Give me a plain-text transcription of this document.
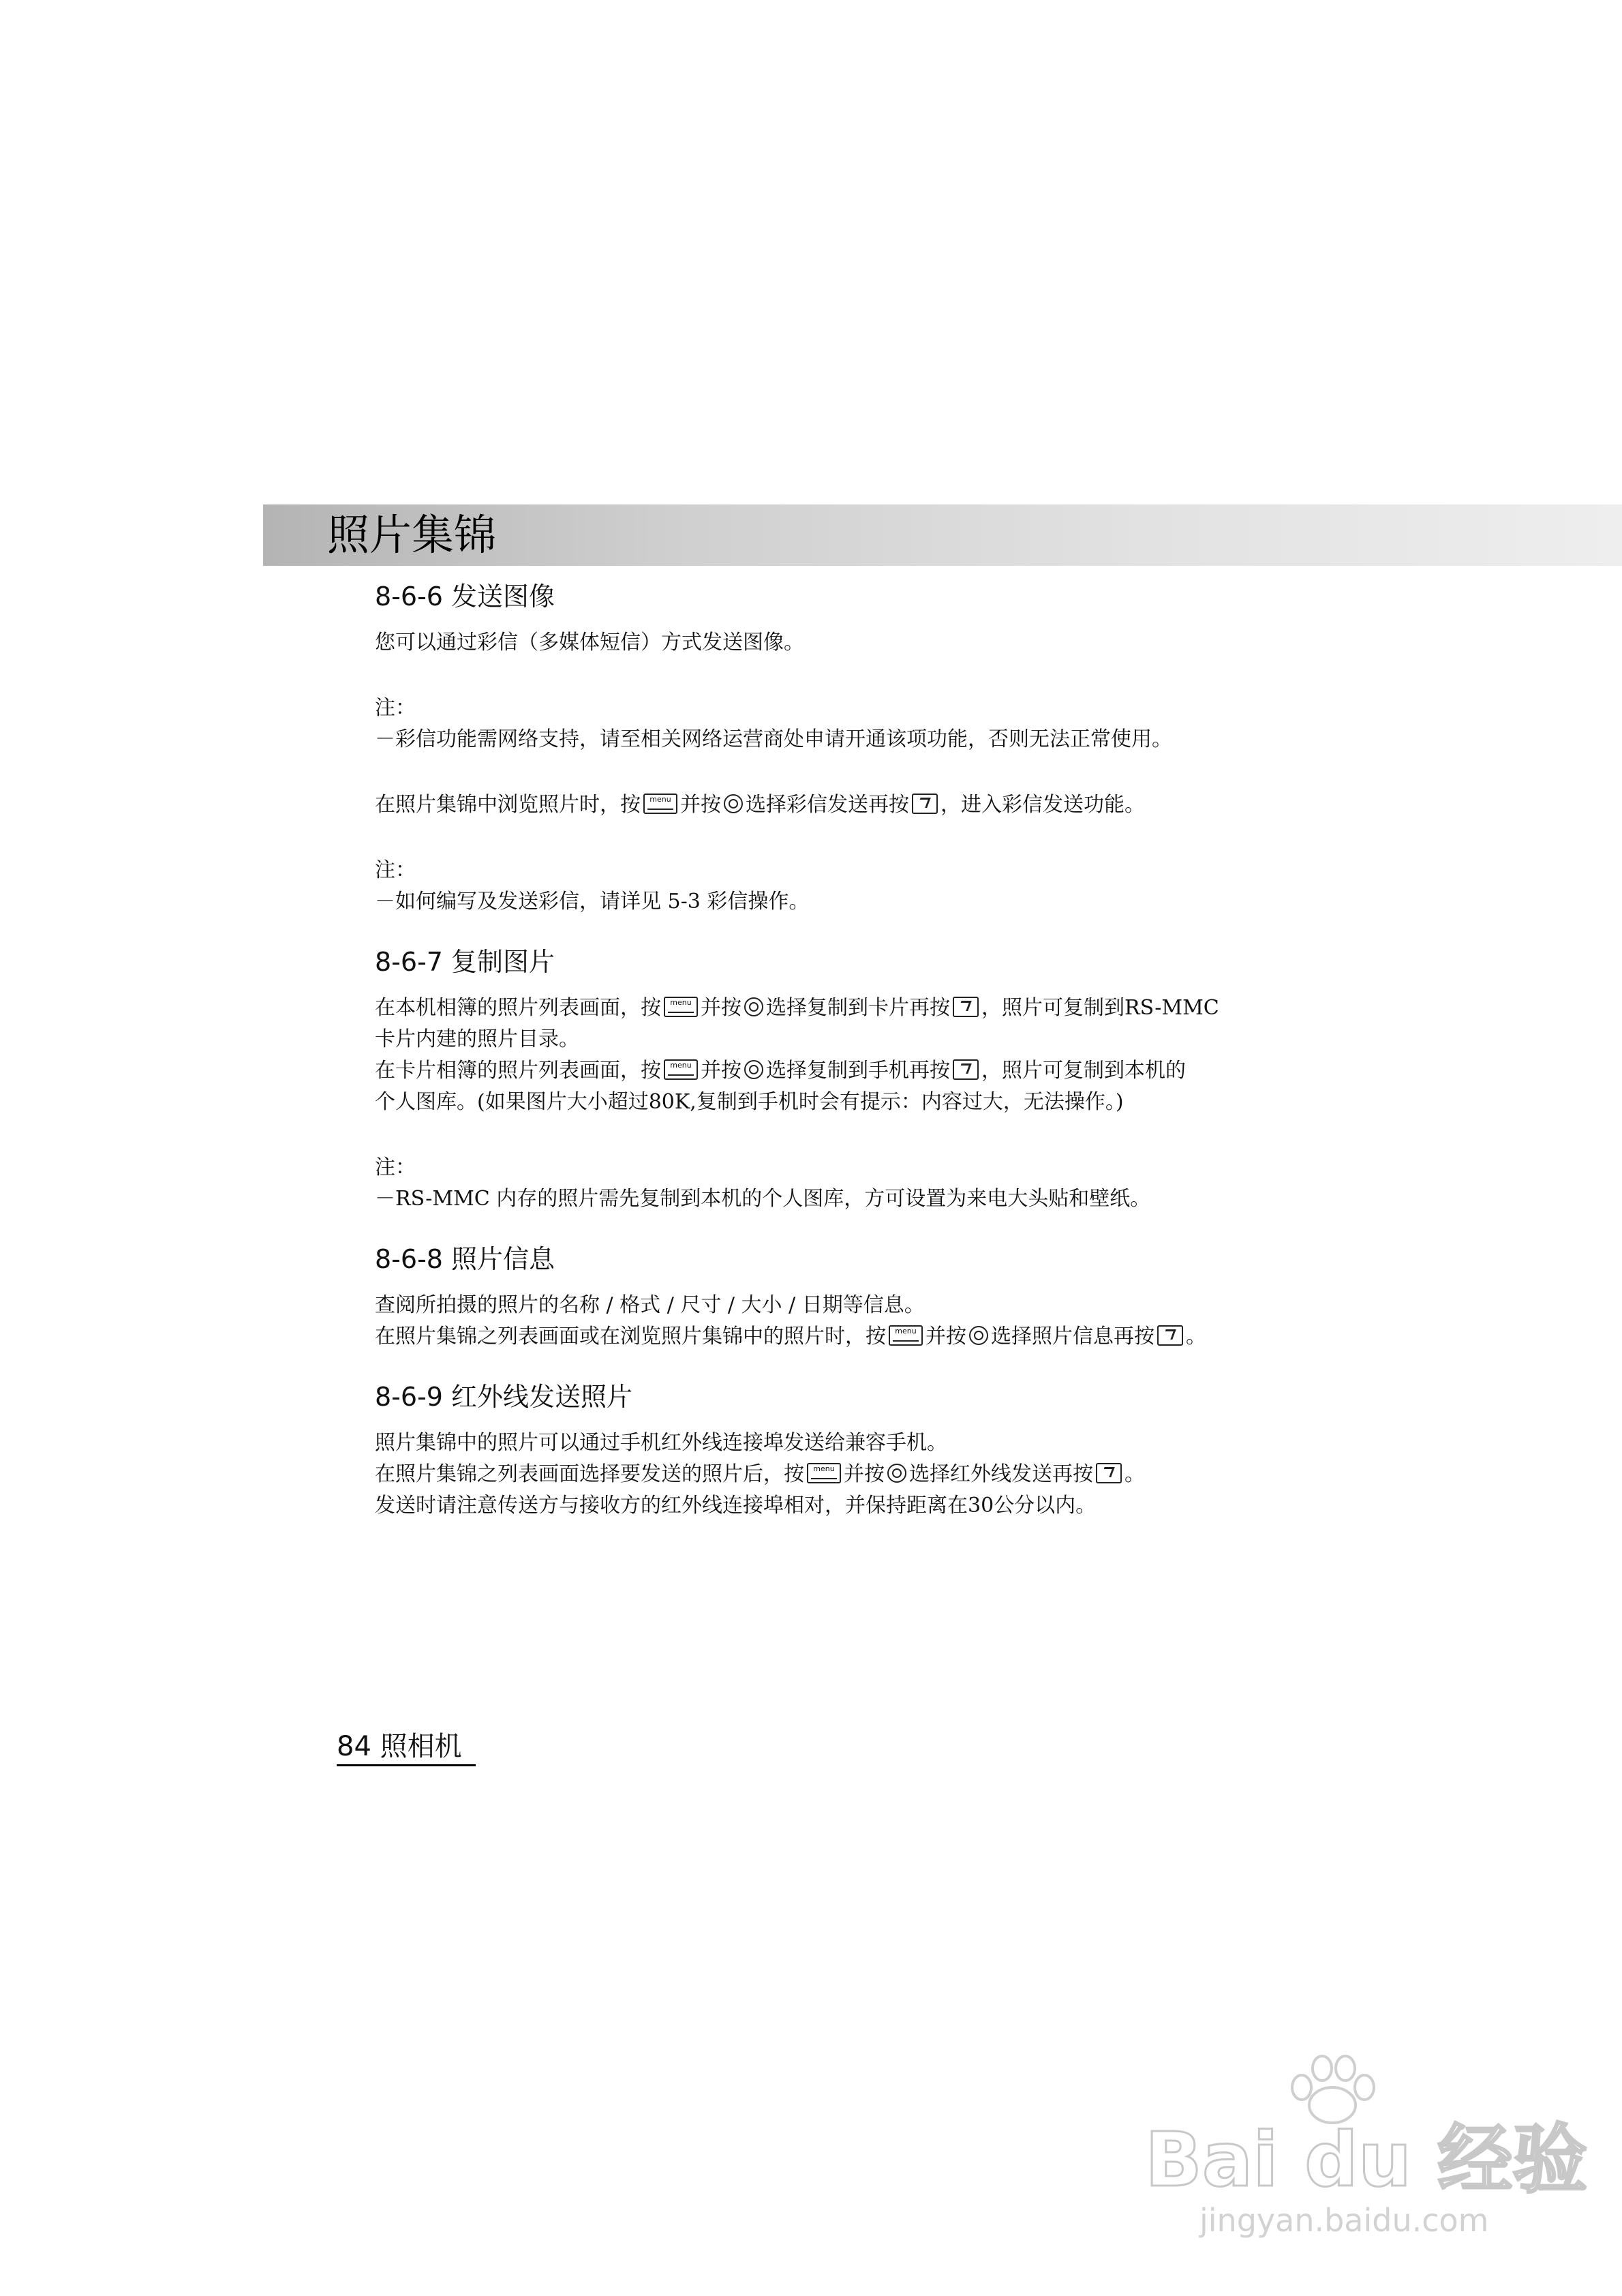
照片集锦
8-6-6 发送图像

您可以通过彩信（多媒体短信）方式发送图像。

注：

－彩信功能需网络支持，请至相关网络运营商处申请开通该项功能，否则无法正常使用。

在照片集锦中浏览照片时，按 menu 并按 选择彩信发送再按 ，进入彩信发送功能。

注：

－如何编写及发送彩信，请详见 5-3 彩信操作。

8-6-7 复制图片

在本机相簿的照片列表画面，按 menu 并按 选择复制到卡片再按 ，照片可复制到RS-MMC

卡片内建的照片目录。

在卡片相簿的照片列表画面，按 menu 并按 选择复制到手机再按 ，照片可复制到本机的

个人图库。(如果图片大小超过80K,复制到手机时会有提示：内容过大，无法操作。)

注：

－RS-MMC 内存的照片需先复制到本机的个人图库，方可设置为来电大头贴和壁纸。

8-6-8 照片信息

查阅所拍摄的照片的名称 / 格式 / 尺寸 / 大小 / 日期等信息。

在照片集锦之列表画面或在浏览照片集锦中的照片时，按 menu 并按 选择照片信息再按 。

8-6-9 红外线发送照片

照片集锦中的照片可以通过手机红外线连接埠发送给兼容手机。

在照片集锦之列表画面选择要发送的照片后，按 menu 并按 选择红外线发送再按 。

发送时请注意传送方与接收方的红外线连接埠相对，并保持距离在30公分以内。

84 照相机
Bai du 经验
jingyan.baidu.com
